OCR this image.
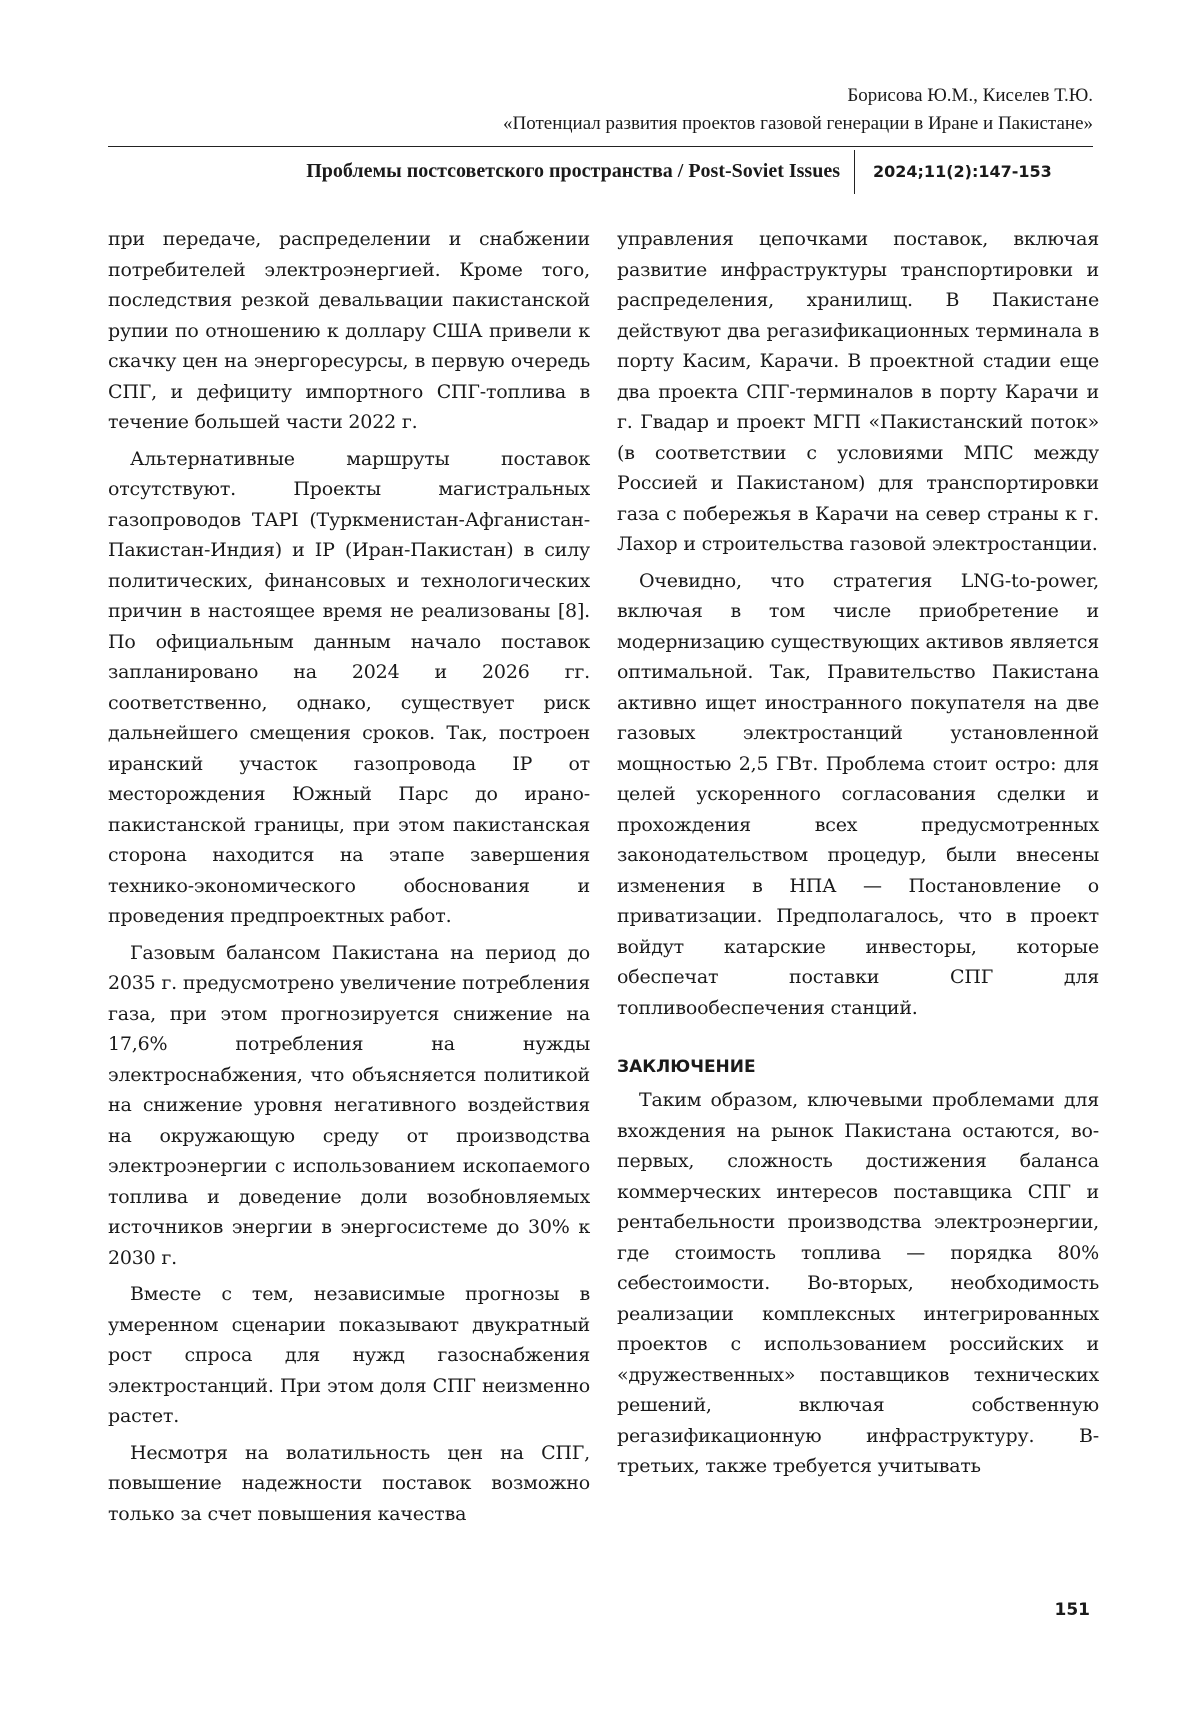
Борисова Ю.М., Киселев Т.Ю.
«Потенциал развития проектов газовой генерации в Иране и Пакистане»
Проблемы постсоветского пространства / Post-Soviet Issues 2024;11(2):147-153

при передаче, распределении и снабжении потребителей электроэнергией. Кроме того, последствия резкой девальвации пакистанской рупии по отношению к доллару США привели к скачку цен на энергоресурсы, в первую очередь СПГ, и дефициту импортного СПГ-топлива в течение большей части 2022 г.

Альтернативные маршруты поставок отсутствуют. Проекты магистральных газопроводов ТАPI (Туркменистан-Афганистан-Пакистан-Индия) и IP (Иран-Пакистан) в силу политических, финансовых и технологических причин в настоящее время не реализованы [8]. По официальным данным начало поставок запланировано на 2024 и 2026 гг. соответственно, однако, существует риск дальнейшего смещения сроков. Так, построен иранский участок газопровода IP от месторождения Южный Парс до ирано-пакистанской границы, при этом пакистанская сторона находится на этапе завершения технико-экономического обоснования и проведения предпроектных работ.

Газовым балансом Пакистана на период до 2035 г. предусмотрено увеличение потребления газа, при этом прогнозируется снижение на 17,6% потребления на нужды электроснабжения, что объясняется политикой на снижение уровня негативного воздействия на окружающую среду от производства электроэнергии с использованием ископаемого топлива и доведение доли возобновляемых источников энергии в энергосистеме до 30% к 2030 г.

Вместе с тем, независимые прогнозы в умеренном сценарии показывают двукратный рост спроса для нужд газоснабжения электростанций. При этом доля СПГ неизменно растет.

Несмотря на волатильность цен на СПГ, повышение надежности поставок возможно только за счет повышения качества

управления цепочками поставок, включая развитие инфраструктуры транспортировки и распределения, хранилищ. В Пакистане действуют два регазификационных терминала в порту Касим, Карачи. В проектной стадии еще два проекта СПГ-терминалов в порту Карачи и г. Гвадар и проект МГП «Пакистанский поток» (в соответствии с условиями МПС между Россией и Пакистаном) для транспортировки газа с побережья в Карачи на север страны к г. Лахор и строительства газовой электростанции.

Очевидно, что стратегия LNG-to-power, включая в том числе приобретение и модернизацию существующих активов является оптимальной. Так, Правительство Пакистана активно ищет иностранного покупателя на две газовых электростанций установленной мощностью 2,5 ГВт. Проблема стоит остро: для целей ускоренного согласования сделки и прохождения всех предусмотренных законодательством процедур, были внесены изменения в НПА — Постановление о приватизации. Предполагалось, что в проект войдут катарские инвесторы, которые обеспечат поставки СПГ для топливообеспечения станций.

ЗАКЛЮЧЕНИЕ

Таким образом, ключевыми проблемами для вхождения на рынок Пакистана остаются, во-первых, сложность достижения баланса коммерческих интересов поставщика СПГ и рентабельности производства электроэнергии, где стоимость топлива — порядка 80% себестоимости. Во-вторых, необходимость реализации комплексных интегрированных проектов с использованием российских и «дружественных» поставщиков технических решений, включая собственную регазификационную инфраструктуру. В-третьих, также требуется учитывать

151
